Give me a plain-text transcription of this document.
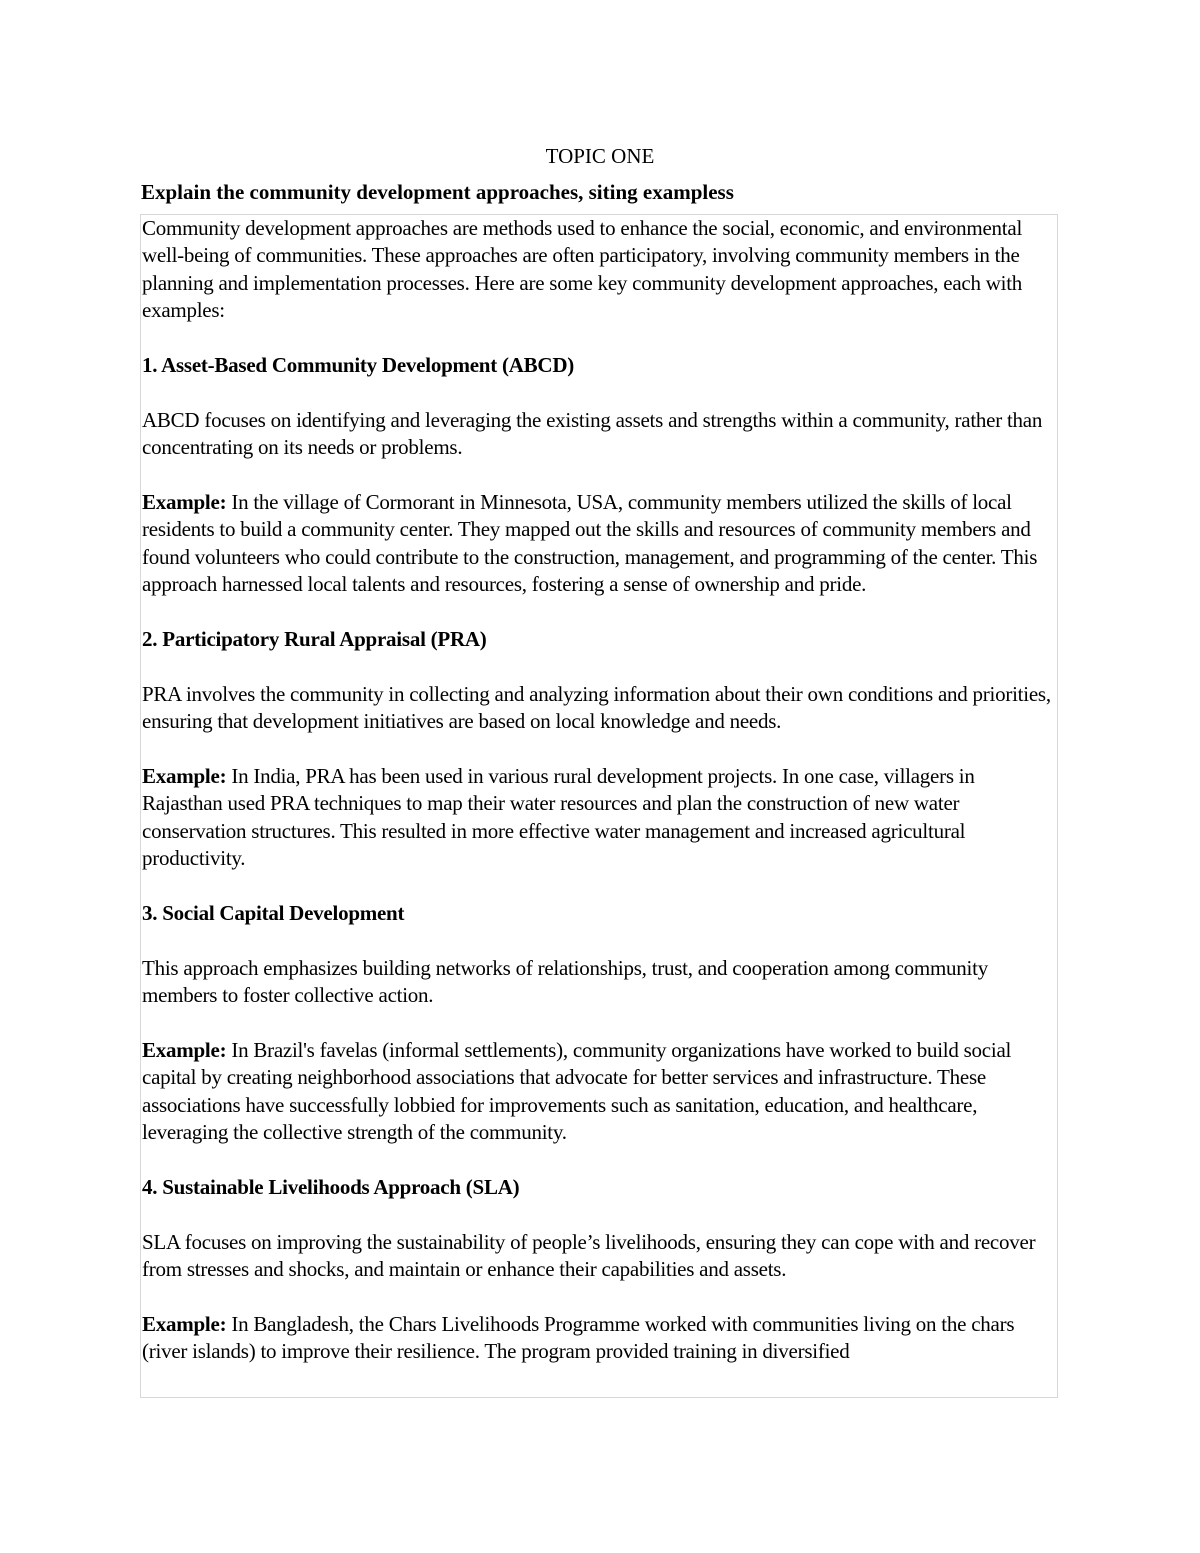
TOPIC ONE
Explain the community development approaches, siting exampless

Community development approaches are methods used to enhance the social, economic, and environmental well-being of communities. These approaches are often participatory, involving community members in the planning and implementation processes. Here are some key community development approaches, each with examples:

1. Asset-Based Community Development (ABCD)

ABCD focuses on identifying and leveraging the existing assets and strengths within a community, rather than concentrating on its needs or problems.

Example: In the village of Cormorant in Minnesota, USA, community members utilized the skills of local residents to build a community center. They mapped out the skills and resources of community members and found volunteers who could contribute to the construction, management, and programming of the center. This approach harnessed local talents and resources, fostering a sense of ownership and pride.

2. Participatory Rural Appraisal (PRA)

PRA involves the community in collecting and analyzing information about their own conditions and priorities, ensuring that development initiatives are based on local knowledge and needs.

Example: In India, PRA has been used in various rural development projects. In one case, villagers in Rajasthan used PRA techniques to map their water resources and plan the construction of new water conservation structures. This resulted in more effective water management and increased agricultural productivity.

3. Social Capital Development

This approach emphasizes building networks of relationships, trust, and cooperation among community members to foster collective action.

Example: In Brazil's favelas (informal settlements), community organizations have worked to build social capital by creating neighborhood associations that advocate for better services and infrastructure. These associations have successfully lobbied for improvements such as sanitation, education, and healthcare, leveraging the collective strength of the community.

4. Sustainable Livelihoods Approach (SLA)

SLA focuses on improving the sustainability of people’s livelihoods, ensuring they can cope with and recover from stresses and shocks, and maintain or enhance their capabilities and assets.

Example: In Bangladesh, the Chars Livelihoods Programme worked with communities living on the chars (river islands) to improve their resilience. The program provided training in diversified
